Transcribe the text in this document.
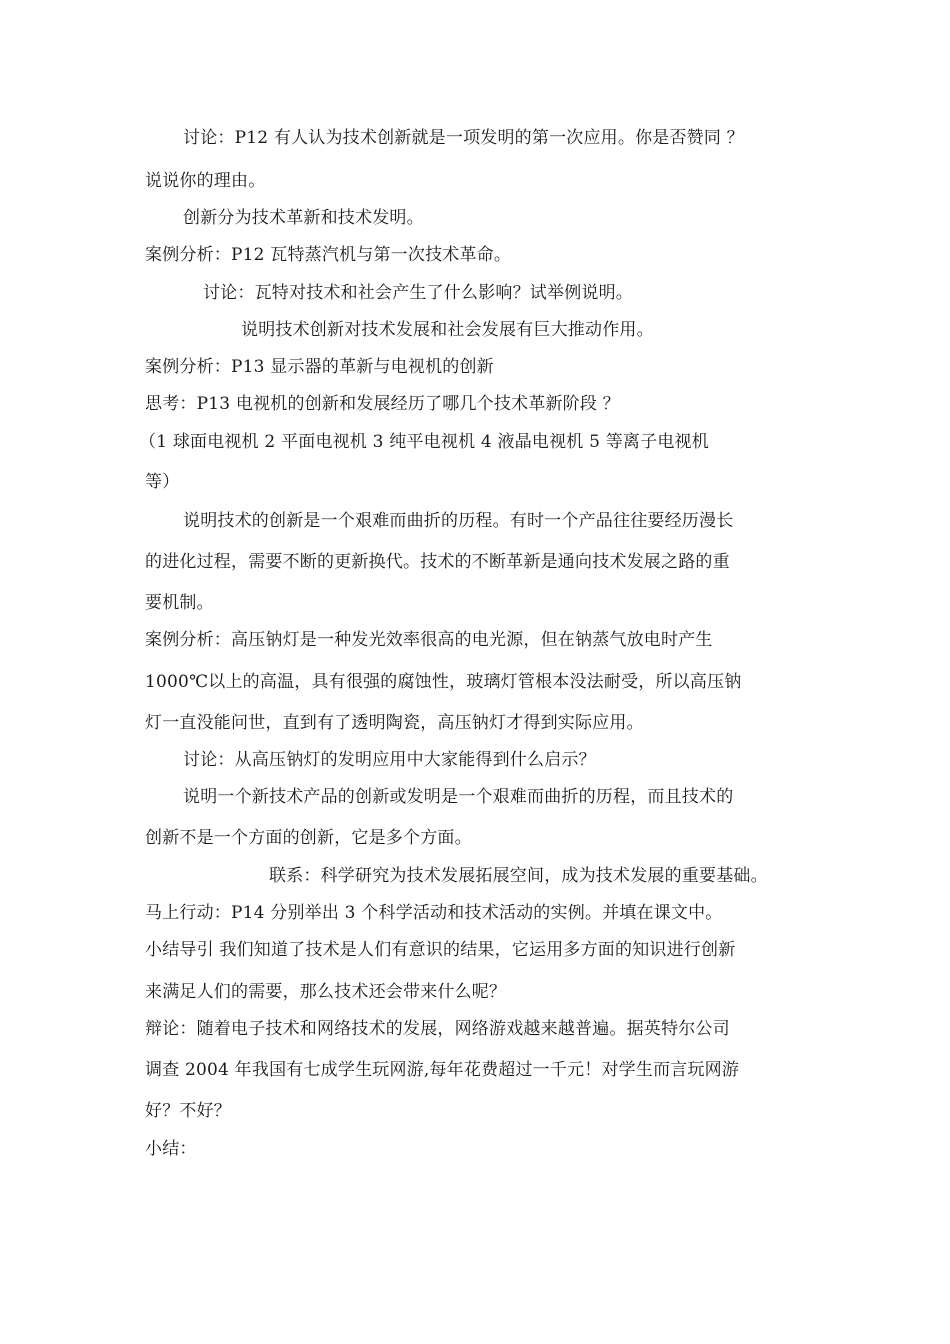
讨论：P12 有人认为技术创新就是一项发明的第一次应用。你是否赞同 ？
说说你的理由。
创新分为技术革新和技术发明。
案例分析：P12 瓦特蒸汽机与第一次技术革命。
讨论：瓦特对技术和社会产生了什么影响？试举例说明。
说明技术创新对技术发展和社会发展有巨大推动作用。
案例分析：P13 显示器的革新与电视机的创新
思考：P13 电视机的创新和发展经历了哪几个技术革新阶段 ？
（1 球面电视机 2 平面电视机 3 纯平电视机 4 液晶电视机 5 等离子电视机
等）
说明技术的创新是一个艰难而曲折的历程。有时一个产品往往要经历漫长
的进化过程，需要不断的更新换代。技术的不断革新是通向技术发展之路的重
要机制。
案例分析：高压钠灯是一种发光效率很高的电光源，但在钠蒸气放电时产生
1000℃以上的高温，具有很强的腐蚀性，玻璃灯管根本没法耐受，所以高压钠
灯一直没能问世，直到有了透明陶瓷，高压钠灯才得到实际应用。
讨论：从高压钠灯的发明应用中大家能得到什么启示？
说明一个新技术产品的创新或发明是一个艰难而曲折的历程，而且技术的
创新不是一个方面的创新，它是多个方面。
联系：科学研究为技术发展拓展空间，成为技术发展的重要基础。
马上行动：P14 分别举出 3 个科学活动和技术活动的实例。并填在课文中。
小结导引 我们知道了技术是人们有意识的结果，它运用多方面的知识进行创新
来满足人们的需要，那么技术还会带来什么呢？
辩论：随着电子技术和网络技术的发展，网络游戏越来越普遍。据英特尔公司
调查 2004 年我国有七成学生玩网游,每年花费超过一千元！对学生而言玩网游
好？不好？
小结：
